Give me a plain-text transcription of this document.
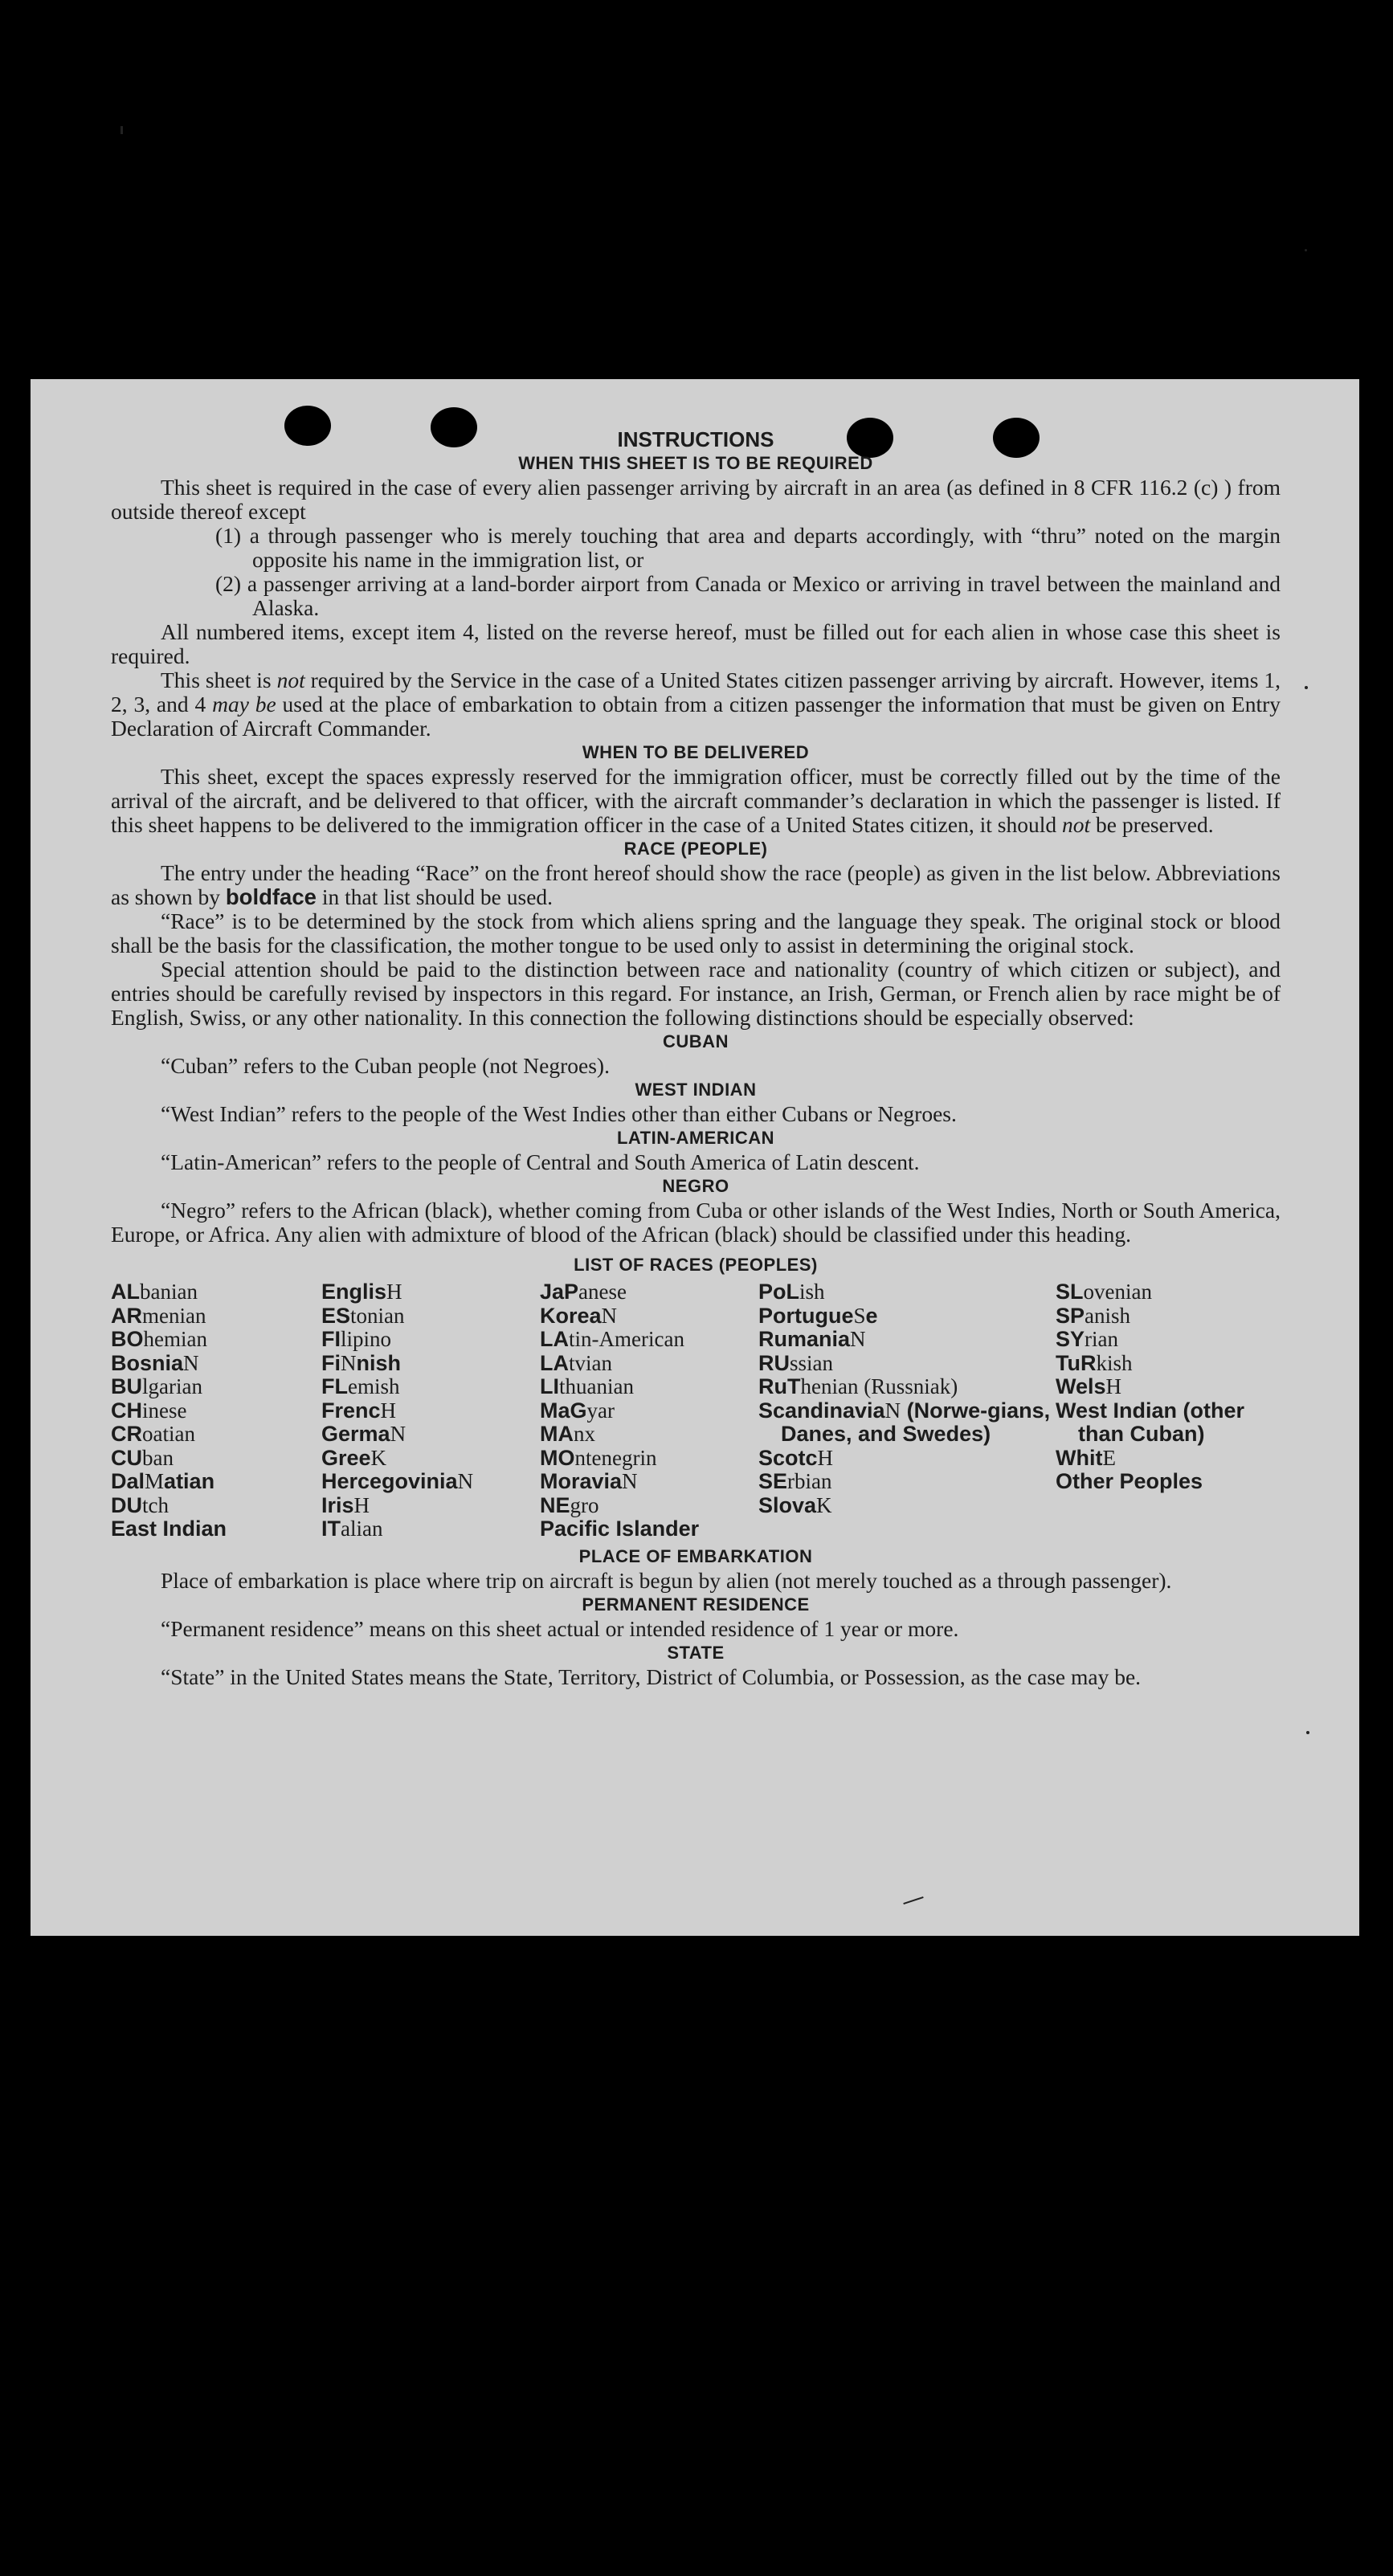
INSTRUCTIONS
WHEN THIS SHEET IS TO BE REQUIRED

This sheet is required in the case of every alien passenger arriving by aircraft in an area (as defined in 8 CFR 116.2 (c) ) from outside thereof except

(1) a through passenger who is merely touching that area and departs accordingly, with “thru” noted on the margin opposite his name in the immigration list, or

(2) a passenger arriving at a land-border airport from Canada or Mexico or arriving in travel between the mainland and Alaska.

All numbered items, except item 4, listed on the reverse hereof, must be filled out for each alien in whose case this sheet is required.

This sheet is not required by the Service in the case of a United States citizen passenger arriving by aircraft. However, items 1, 2, 3, and 4 may be used at the place of embarkation to obtain from a citizen passenger the information that must be given on Entry Declaration of Aircraft Commander.

WHEN TO BE DELIVERED

This sheet, except the spaces expressly reserved for the immigration officer, must be correctly filled out by the time of the arrival of the aircraft, and be delivered to that officer, with the aircraft commander’s declaration in which the passenger is listed. If this sheet happens to be delivered to the immigration officer in the case of a United States citizen, it should not be preserved.

RACE (PEOPLE)

The entry under the heading “Race” on the front hereof should show the race (people) as given in the list below. Abbreviations as shown by boldface in that list should be used.

“Race” is to be determined by the stock from which aliens spring and the language they speak. The original stock or blood shall be the basis for the classification, the mother tongue to be used only to assist in determining the original stock.

Special attention should be paid to the distinction between race and nationality (country of which citizen or subject), and entries should be carefully revised by inspectors in this regard. For instance, an Irish, German, or French alien by race might be of English, Swiss, or any other nationality. In this connection the following distinctions should be especially observed:

CUBAN

“Cuban” refers to the Cuban people (not Negroes).

WEST INDIAN

“West Indian” refers to the people of the West Indies other than either Cubans or Negroes.

LATIN-AMERICAN

“Latin-American” refers to the people of Central and South America of Latin descent.

NEGRO

“Negro” refers to the African (black), whether coming from Cuba or other islands of the West Indies, North or South America, Europe, or Africa. Any alien with admixture of blood of the African (black) should be classified under this heading.

LIST OF RACES (PEOPLES)
ALbanian
ARmenian
BOhemian
BosniaN
BUlgarian
CHinese
CRoatian
CUban
DalMatian
DUtch
East Indian
EnglisH
EStonian
FIlipino
FiNnish
FLemish
FrencH
GermaN
GreeK
HercegoviniaN
IrisH
ITalian
JaPanese
KoreaN
LAtin-American
LAtvian
LIthuanian
MaGyar
MAnx
MOntenegrin
MoraviaN
NEgro
Pacific Islander
PoLish
PortugueSe
RumaniaN
RUssian
RuThenian (Russniak)
ScandinaviaN (Norwe-gians, Danes, and Swedes)
ScotcH
SErbian
SlovaK
SLovenian
SPanish
SYrian
TuRkish
WelsH
West Indian (other than Cuban)
WhitE
Other Peoples
PLACE OF EMBARKATION

Place of embarkation is place where trip on aircraft is begun by alien (not merely touched as a through passenger).

PERMANENT RESIDENCE

“Permanent residence” means on this sheet actual or intended residence of 1 year or more.

STATE

“State” in the United States means the State, Territory, District of Columbia, or Possession, as the case may be.
